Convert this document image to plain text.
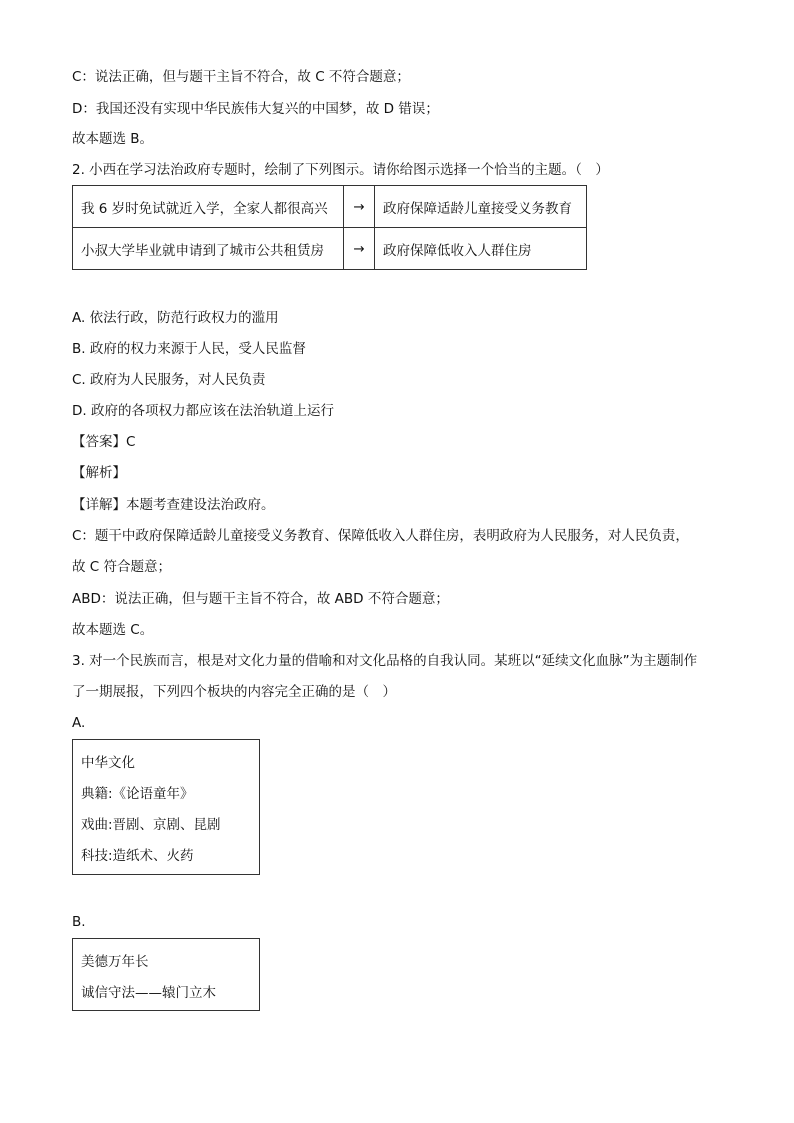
C：说法正确，但与题干主旨不符合，故 C 不符合题意；
D：我国还没有实现中华民族伟大复兴的中国梦，故 D 错误；
故本题选 B。
2. 小西在学习法治政府专题时，绘制了下列图示。请你给图示选择一个恰当的主题。（　）
我 6 岁时免试就近入学，全家人都很高兴	→	政府保障适龄儿童接受义务教育
小叔大学毕业就申请到了城市公共租赁房	→	政府保障低收入人群住房
A. 依法行政，防范行政权力的滥用
B. 政府的权力来源于人民，受人民监督
C. 政府为人民服务，对人民负责
D. 政府的各项权力都应该在法治轨道上运行
【答案】C
【解析】
【详解】本题考查建设法治政府。
C：题干中政府保障适龄儿童接受义务教育、保障低收入人群住房，表明政府为人民服务，对人民负责，
故 C 符合题意；
ABD：说法正确，但与题干主旨不符合，故 ABD 不符合题意；
故本题选 C。
3. 对一个民族而言，根是对文化力量的借喻和对文化品格的自我认同。某班以“延续文化血脉”为主题制作
了一期展报，下列四个板块的内容完全正确的是（　）
A.
中华文化
典籍:《论语童年》
戏曲:晋剧、京剧、昆剧
科技:造纸术、火药
B.
美德万年长
诚信守法——辕门立木
